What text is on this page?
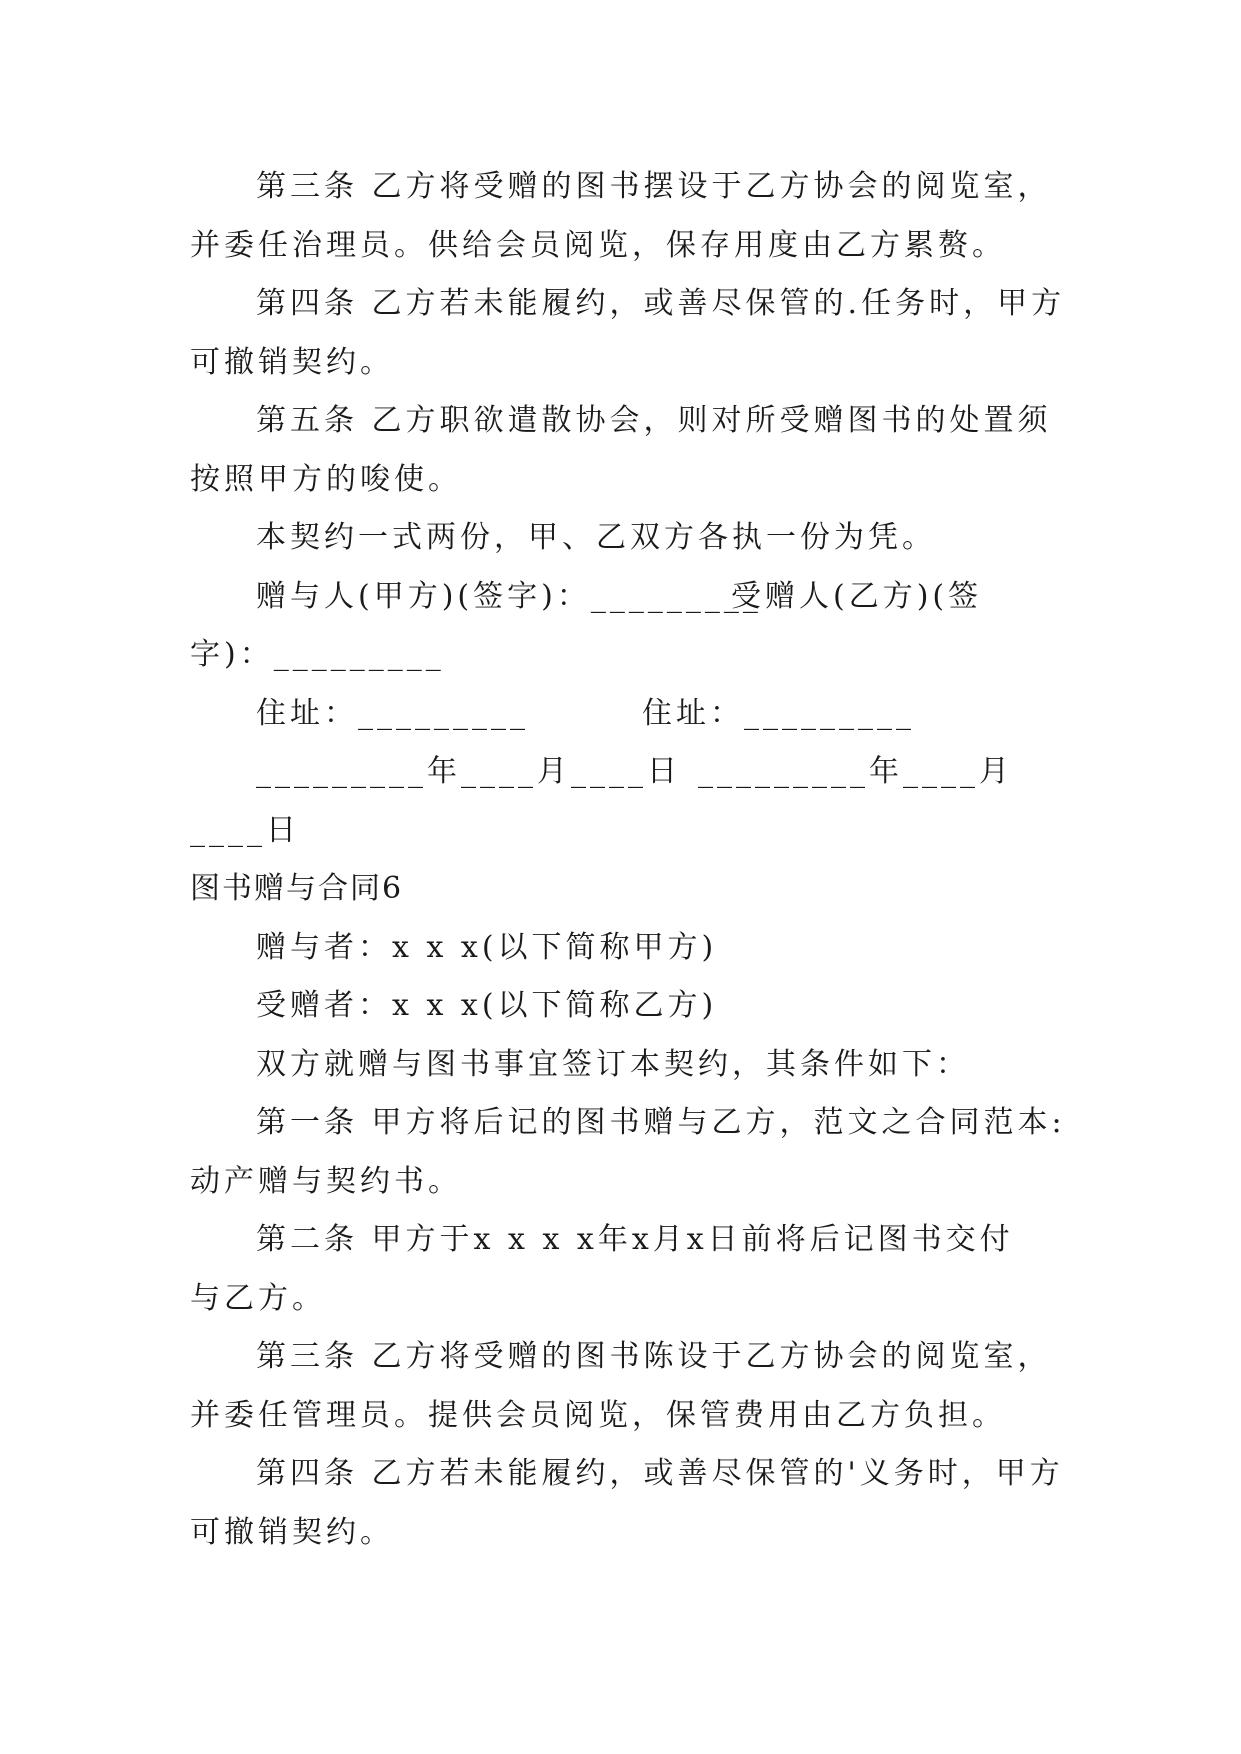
第三条 乙方将受赠的图书摆设于乙方协会的阅览室，
并委任治理员。供给会员阅览，保存用度由乙方累赘。
第四条 乙方若未能履约，或善尽保管的.任务时，甲方
可撤销契约。
第五条 乙方职欲遣散协会，则对所受赠图书的处置须
按照甲方的唆使。
本契约一式两份，甲、乙双方各执一份为凭。
赠与人(甲方)(签字)：_________
受赠人(乙方)(签
字)：_________
住址：_________	住址：_________
_________年____月____日 _________年____月
____日
图书赠与合同6
赠与者：x x x(以下简称甲方)
受赠者：x x x(以下简称乙方)
双方就赠与图书事宜签订本契约，其条件如下：
第一条 甲方将后记的图书赠与乙方，范文之合同范本:
动产赠与契约书。
第二条 甲方于x x x x年x月x日前将后记图书交付
与乙方。
第三条 乙方将受赠的图书陈设于乙方协会的阅览室，
并委任管理员。提供会员阅览，保管费用由乙方负担。
第四条 乙方若未能履约，或善尽保管的'义务时，甲方
可撤销契约。
